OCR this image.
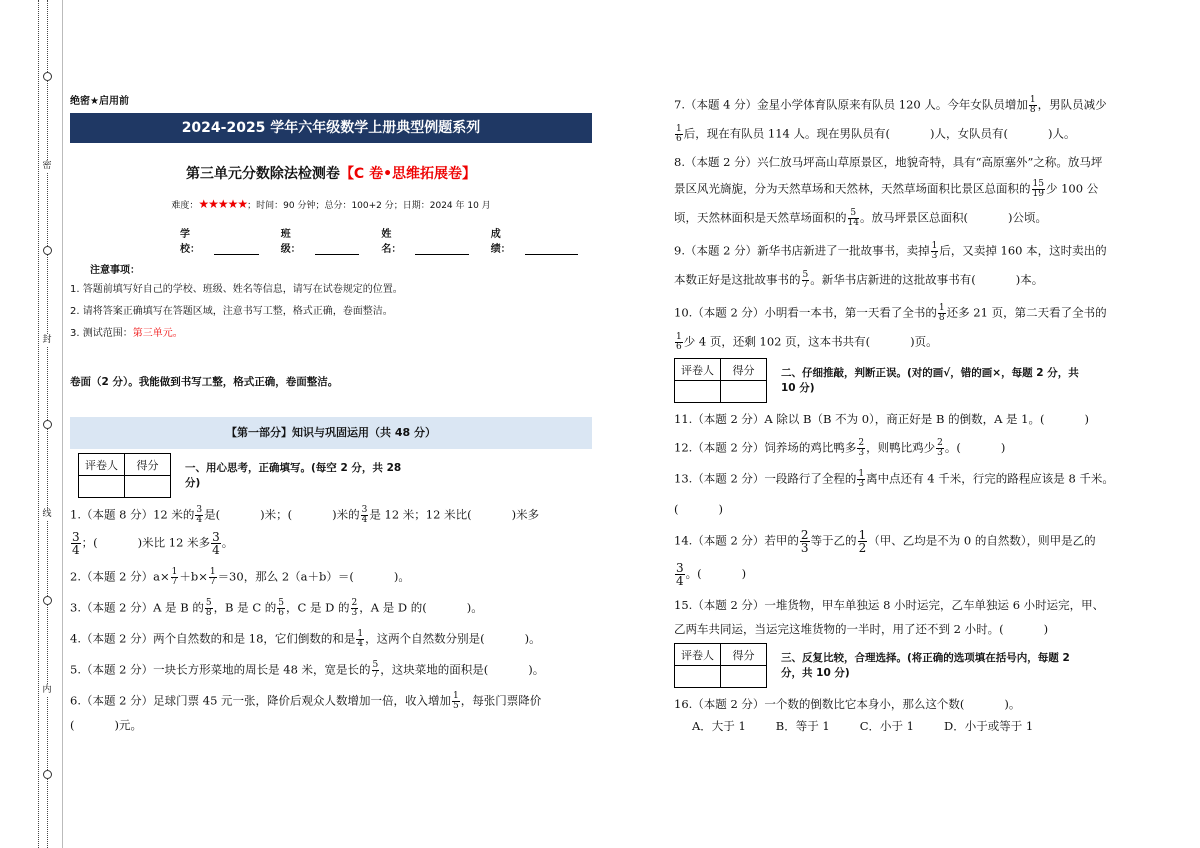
密
封
线
内
绝密★启用前
2024-2025 学年六年级数学上册典型例题系列
第三单元分数除法检测卷【C 卷•思维拓展卷】
难度：★★★★★；时间：90 分钟；总分：100+2 分；日期：2024 年 10 月
学校：
班级：
姓名：
成绩：
注意事项：
1. 答题前填写好自己的学校、班级、姓名等信息，请写在试卷规定的位置。
2. 请将答案正确填写在答题区域，注意书写工整，格式正确，卷面整洁。
3. 测试范围：第三单元。
卷面（2 分）。我能做到书写工整，格式正确，卷面整洁。
【第一部分】知识与巩固运用（共 48 分）
评卷人	得分
		一、用心思考，正确填写。(每空 2 分，共 28
分)
1.（本题 8 分）12 米的 $\frac{3}{4}$ 是(	)米；(	)米的 $\frac{3}{4}$ 是 12 米；12 米比(	)米多
$\frac{3}{4}$ ；(	)米比 12 米多 $\frac{3}{4}$ 。
2.（本题 2 分）$a\times \frac{1}{7} +b\times \frac{1}{7} =30$，那么 2（a＋b）＝(	)。
3.（本题 2 分）A 是 B 的 $\frac{5}{8}$ ，B 是 C 的 $\frac{5}{6}$ ，C 是 D 的 $\frac{2}{3}$ ，A 是 D 的(	)。
4.（本题 2 分）两个自然数的和是 18，它们倒数的和是 $\frac{1}{4}$ ，这两个自然数分别是(	)。
5.（本题 2 分）一块长方形菜地的周长是 48 米，宽是长的 $\frac{5}{7}$ ，这块菜地的面积是(	)。
6.（本题 2 分）足球门票 45 元一张，降价后观众人数增加一倍，收入增加 $\frac{1}{5}$ ，每张门票降价
(	)元。
7.（本题 4 分）金星小学体育队原来有队员 120 人。今年女队员增加 $\frac{1}{8}$ ，男队员减少
$\frac{1}{6}$ 后，现在有队员 114 人。现在男队员有(	)人，女队员有(	)人。
8.（本题 2 分）兴仁放马坪高山草原景区，地貌奇特，具有“高原塞外”之称。放马坪
景区风光旖旎，分为天然草场和天然林，天然草场面积比景区总面积的 $\frac{15}{19}$ 少 100 公
顷，天然林面积是天然草场面积的 $\frac{5}{14}$ 。放马坪景区总面积(	)公顷。
9.（本题 2 分）新华书店新进了一批故事书，卖掉 $\frac{1}{3}$ 后，又卖掉 160 本，这时卖出的
本数正好是这批故事书的 $\frac{5}{7}$ 。新华书店新进的这批故事书有(	)本。
10.（本题 2 分）小明看一本书，第一天看了全书的 $\frac{1}{8}$ 还多 21 页，第二天看了全书的
$\frac{1}{6}$ 少 4 页，还剩 102 页，这本书共有(	)页。
评卷人	得分
		二、仔细推敲，判断正误。(对的画√，错的画×，每题 2 分，共
10 分)
11.（本题 2 分）A 除以 B（B 不为 0），商正好是 B 的倒数，A 是 1。(	)
12.（本题 2 分）饲养场的鸡比鸭多 $\frac{2}{3}$ ，则鸭比鸡少 $\frac{2}{3}$ 。(	)
13.（本题 2 分）一段路行了全程的 $\frac{1}{3}$ 离中点还有 4 千米，行完的路程应该是 8 千米。
(	)
14.（本题 2 分）若甲的 $\frac{2}{3}$ 等于乙的 $\frac{1}{2}$ （甲、乙均是不为 0 的自然数），则甲是乙的
$\frac{3}{4}$ 。(	)
15.（本题 2 分）一堆货物，甲车单独运 8 小时运完，乙车单独运 6 小时运完，甲、
乙两车共同运，当运完这堆货物的一半时，用了还不到 2 小时。(	)
评卷人	得分
		三、反复比较，合理选择。(将正确的选项填在括号内，每题 2
分，共 10 分)
16.（本题 2 分）一个数的倒数比它本身小，那么这个数(	)。
A．大于 1	B．等于 1	C．小于 1	D．小于或等于 1
